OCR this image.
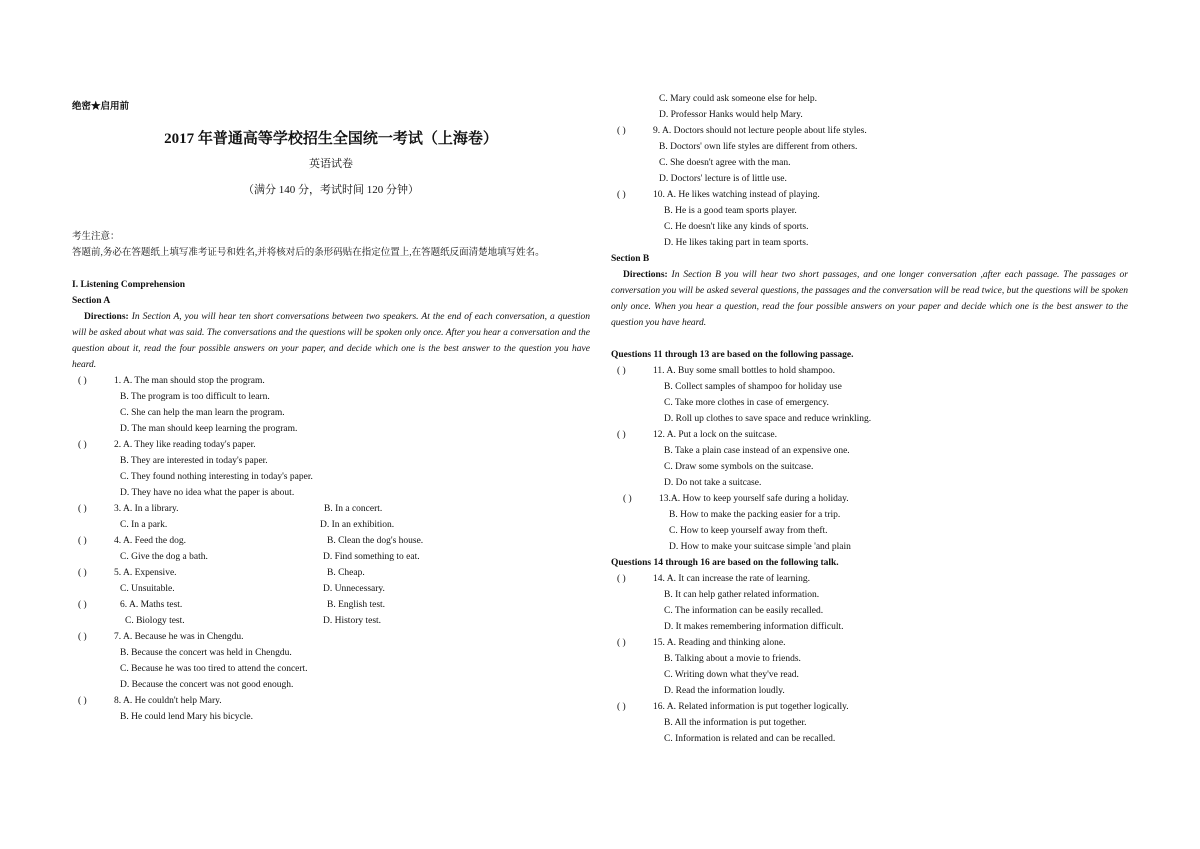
绝密★启用前
2017 年普通高等学校招生全国统一考试（上海卷）
英语试卷
（满分 140 分，考试时间 120 分钟）
考生注意：
答题前,务必在答题纸上填写准考证号和姓名,并将核对后的条形码贴在指定位置上,在答题纸反面清楚地填写姓名。
I. Listening Comprehension
Section A
Directions: In Section A, you will hear ten short conversations between two speakers. At the end of each conversation, a question will be asked about what was said. The conversations and the questions will be spoken only once. After you hear a conversation and the question about it, read the four possible answers on your paper, and decide which one is the best answer to the question you have heard.
( )	1. A. The man should stop the program.
B. The program is too difficult to learn.
C. She can help the man learn the program.
D. The man should keep learning the program.
( )	2. A. They like reading today's paper.
B. They are interested in today's paper.
C. They found nothing interesting in today's paper.
D. They have no idea what the paper is about.
( )	3. A. In a library.	B. In a concert.
C. In a park.	D. In an exhibition.
( )	4. A. Feed the dog.	B. Clean the dog's house.
C. Give the dog a bath.	D. Find something to eat.
( )	5. A. Expensive.	B. Cheap.
C. Unsuitable.	D. Unnecessary.
( )	6. A. Maths test.	B. English test.
C. Biology test.	D. History test.
( )	7. A. Because he was in Chengdu.
B. Because the concert was held in Chengdu.
C. Because he was too tired to attend the concert.
D. Because the concert was not good enough.
( )	8. A. He couldn't help Mary.
B. He could lend Mary his bicycle.
C. Mary could ask someone else for help.
D. Professor Hanks would help Mary.
( )	9. A. Doctors should not lecture people about life styles.
B. Doctors' own life styles are different from others.
C. She doesn't agree with the man.
D. Doctors' lecture is of little use.
( )	10. A. He likes watching instead of playing.
B. He is a good team sports player.
C. He doesn't like any kinds of sports.
D. He likes taking part in team sports.
Section B
Directions: In Section B you will hear two short passages, and one longer conversation ,after each passage. The passages or conversation you will be asked several questions, the passages and the conversation will be read twice, but the questions will be spoken only once. When you hear a question, read the four possible answers on your paper and decide which one is the best answer to the question you have heard.
Questions 11 through 13 are based on the following passage.
( )	11. A. Buy some small bottles to hold shampoo.
B. Collect samples of shampoo for holiday use
C. Take more clothes in case of emergency.
D. Roll up clothes to save space and reduce wrinkling.
( )	12. A. Put a lock on the suitcase.
B. Take a plain case instead of an expensive one.
C. Draw some symbols on the suitcase.
D. Do not take a suitcase.
( )	13.A. How to keep yourself safe during a holiday.
B. How to make the packing easier for a trip.
C. How to keep yourself away from theft.
D. How to make your suitcase simple 'and plain
Questions 14 through 16 are based on the following talk.
( )	14. A. It can increase the rate of learning.
B. It can help gather related information.
C. The information can be easily recalled.
D. It makes remembering information difficult.
( )	15. A. Reading and thinking alone.
B. Talking about a movie to friends.
C. Writing down what they've read.
D. Read the information loudly.
( )	16. A. Related information is put together logically.
B. All the information is put together.
C. Information is related and can be recalled.
